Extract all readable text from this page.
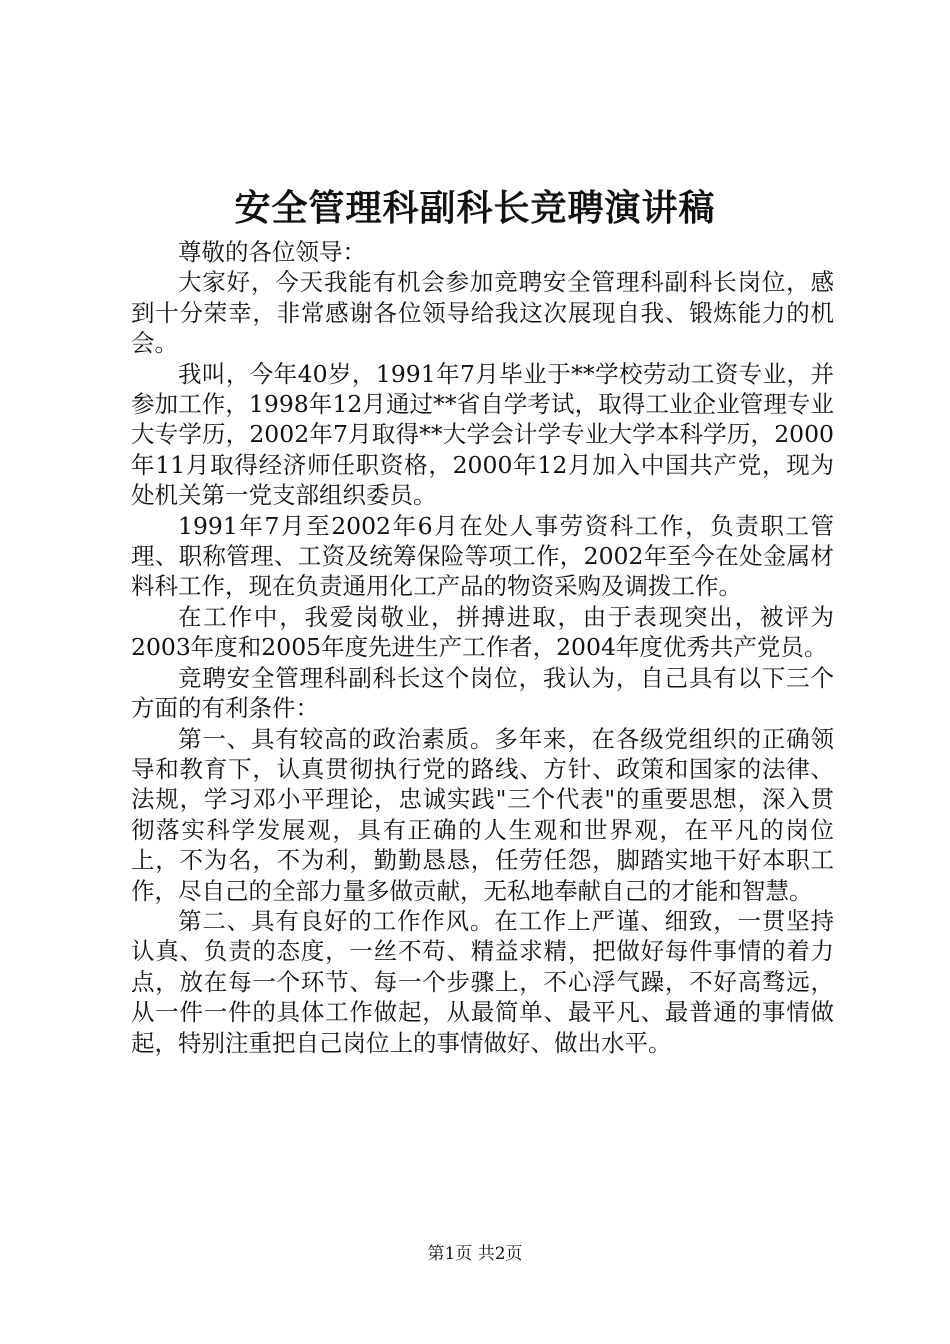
安全管理科副科长竞聘演讲稿

尊敬的各位领导：

大家好，今天我能有机会参加竞聘安全管理科副科长岗位，感到十分荣幸，非常感谢各位领导给我这次展现自我、锻炼能力的机会。

我叫，今年40岁，1991年7月毕业于**学校劳动工资专业，并参加工作，1998年12月通过**省自学考试，取得工业企业管理专业大专学历，2002年7月取得**大学会计学专业大学本科学历，2000年11月取得经济师任职资格，2000年12月加入中国共产党，现为处机关第一党支部组织委员。

1991年7月至2002年6月在处人事劳资科工作，负责职工管理、职称管理、工资及统筹保险等项工作，2002年至今在处金属材料科工作，现在负责通用化工产品的物资采购及调拨工作。

在工作中，我爱岗敬业，拼搏进取，由于表现突出，被评为2003年度和2005年度先进生产工作者，2004年度优秀共产党员。

竞聘安全管理科副科长这个岗位，我认为，自己具有以下三个方面的有利条件：

第一、具有较高的政治素质。多年来，在各级党组织的正确领导和教育下，认真贯彻执行党的路线、方针、政策和国家的法律、法规，学习邓小平理论，忠诚实践"三个代表"的重要思想，深入贯彻落实科学发展观，具有正确的人生观和世界观，在平凡的岗位上，不为名，不为利，勤勤恳恳，任劳任怨，脚踏实地干好本职工作，尽自己的全部力量多做贡献，无私地奉献自己的才能和智慧。

第二、具有良好的工作作风。在工作上严谨、细致，一贯坚持认真、负责的态度，一丝不苟、精益求精，把做好每件事情的着力点，放在每一个环节、每一个步骤上，不心浮气躁，不好高骛远，从一件一件的具体工作做起，从最简单、最平凡、最普通的事情做起，特别注重把自己岗位上的事情做好、做出水平。

第1页 共2页
